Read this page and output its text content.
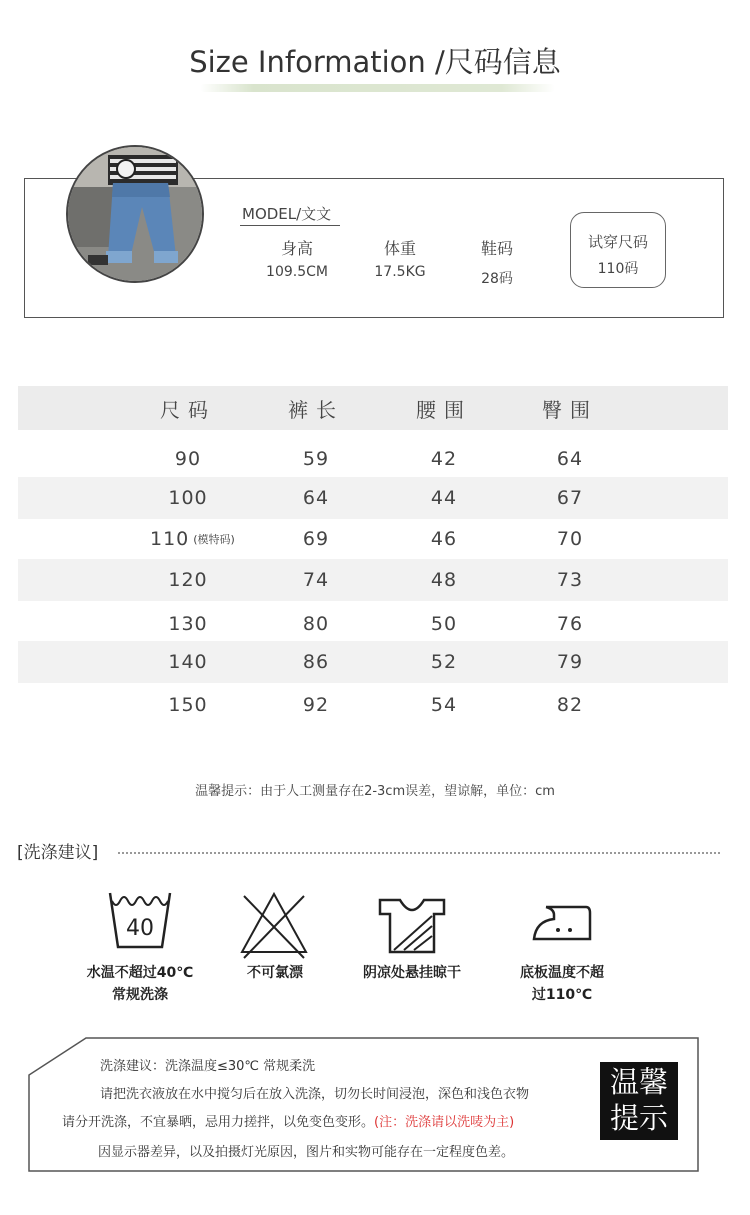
Size Information /尺码信息
MODEL/文文
身高
109.5CM
体重
17.5KG
鞋码
28码
试穿尺码
110码
尺码	裤长	腰围	臀围
90	59	42	64
100	64	44	67
110 (模特码)	69	46	70
120	74	48	73
130	80	50	76
140	86	52	79
150	92	54	82
温馨提示：由于人工测量存在2-3cm误差，望谅解，单位：cm
[洗涤建议]
40
水温不超过40℃
常规洗涤
不可氯漂	阴凉处悬挂晾干	底板温度不超
过110℃
洗涤建议：洗涤温度≤30℃ 常规柔洗
请把洗衣液放在水中搅匀后在放入洗涤，切勿长时间浸泡，深色和浅色衣物
请分开洗涤，不宜暴晒，忌用力搓拌，以免变色变形。(注：洗涤请以洗唛为主)
因显示器差异，以及拍摄灯光原因，图片和实物可能存在一定程度色差。
温馨
提示
